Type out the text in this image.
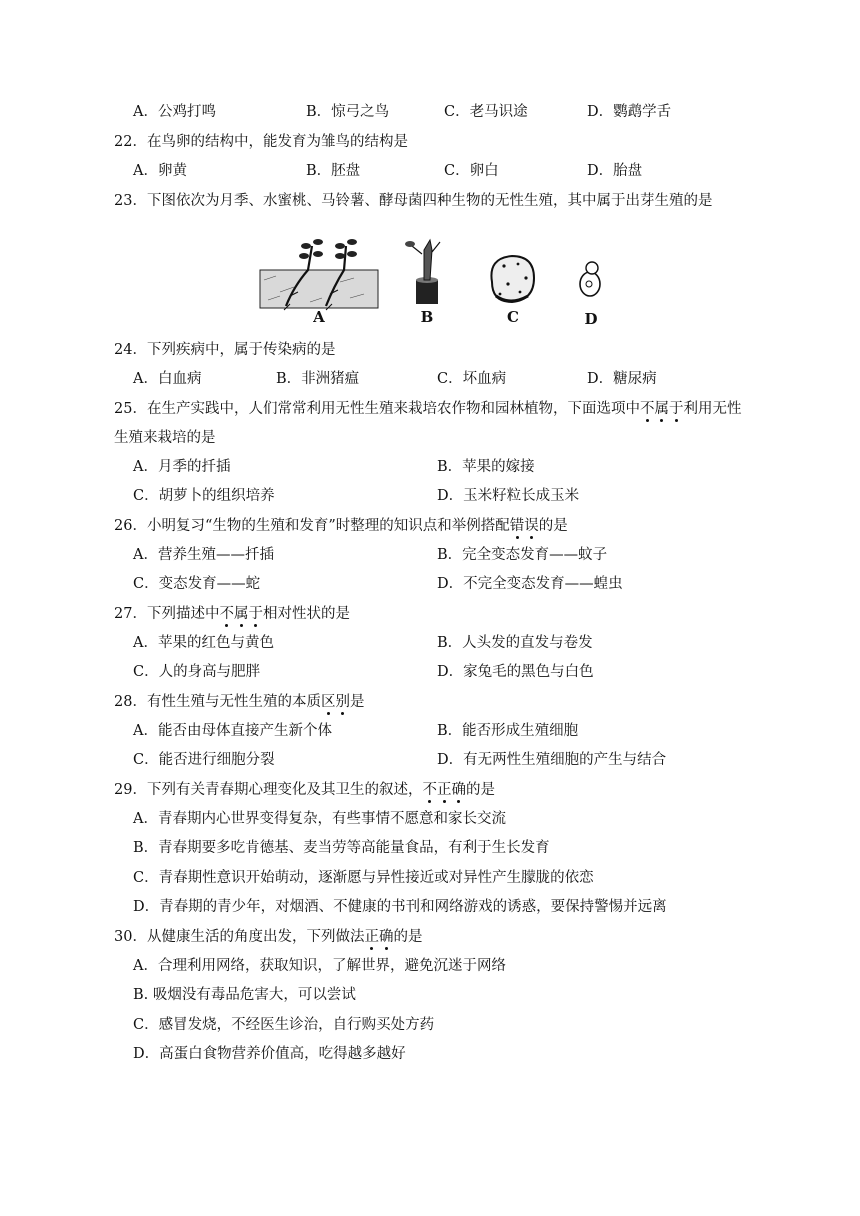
A．公鸡打鸣	B．惊弓之鸟	C．老马识途	D．鹦鹉学舌
22．在鸟卵的结构中，能发育为雏鸟的结构是
A．卵黄	B．胚盘	C．卵白	D．胎盘
23．下图依次为月季、水蜜桃、马铃薯、酵母菌四种生物的无性生殖，其中属于出芽生殖的是
A	B	C	D
24．下列疾病中，属于传染病的是
A．白血病	B．非洲猪瘟	C．坏血病	D．糖尿病
25．在生产实践中，人们常常利用无性生殖来栽培农作物和园林植物，下面选项中不属于利用无性
生殖来栽培的是
A．月季的扦插	B．苹果的嫁接
C．胡萝卜的组织培养	D．玉米籽粒长成玉米
26．小明复习“生物的生殖和发育”时整理的知识点和举例搭配错误的是
A．营养生殖——扦插	B．完全变态发育——蚊子
C．变态发育——蛇	D．不完全变态发育——蝗虫
27．下列描述中不属于相对性状的是
A．苹果的红色与黄色	B．人头发的直发与卷发
C．人的身高与肥胖	D．家兔毛的黑色与白色
28．有性生殖与无性生殖的本质区别是
A．能否由母体直接产生新个体	B．能否形成生殖细胞
C．能否进行细胞分裂	D．有无两性生殖细胞的产生与结合
29．下列有关青春期心理变化及其卫生的叙述，不正确的是
A．青春期内心世界变得复杂，有些事情不愿意和家长交流
B．青春期要多吃肯德基、麦当劳等高能量食品，有利于生长发育
C．青春期性意识开始萌动，逐渐愿与异性接近或对异性产生朦胧的依恋
D．青春期的青少年，对烟酒、不健康的书刊和网络游戏的诱惑，要保持警惕并远离
30．从健康生活的角度出发，下列做法正确的是
A．合理利用网络，获取知识，了解世界，避免沉迷于网络
B. 吸烟没有毒品危害大，可以尝试
C．感冒发烧，不经医生诊治，自行购买处方药
D．高蛋白食物营养价值高，吃得越多越好
